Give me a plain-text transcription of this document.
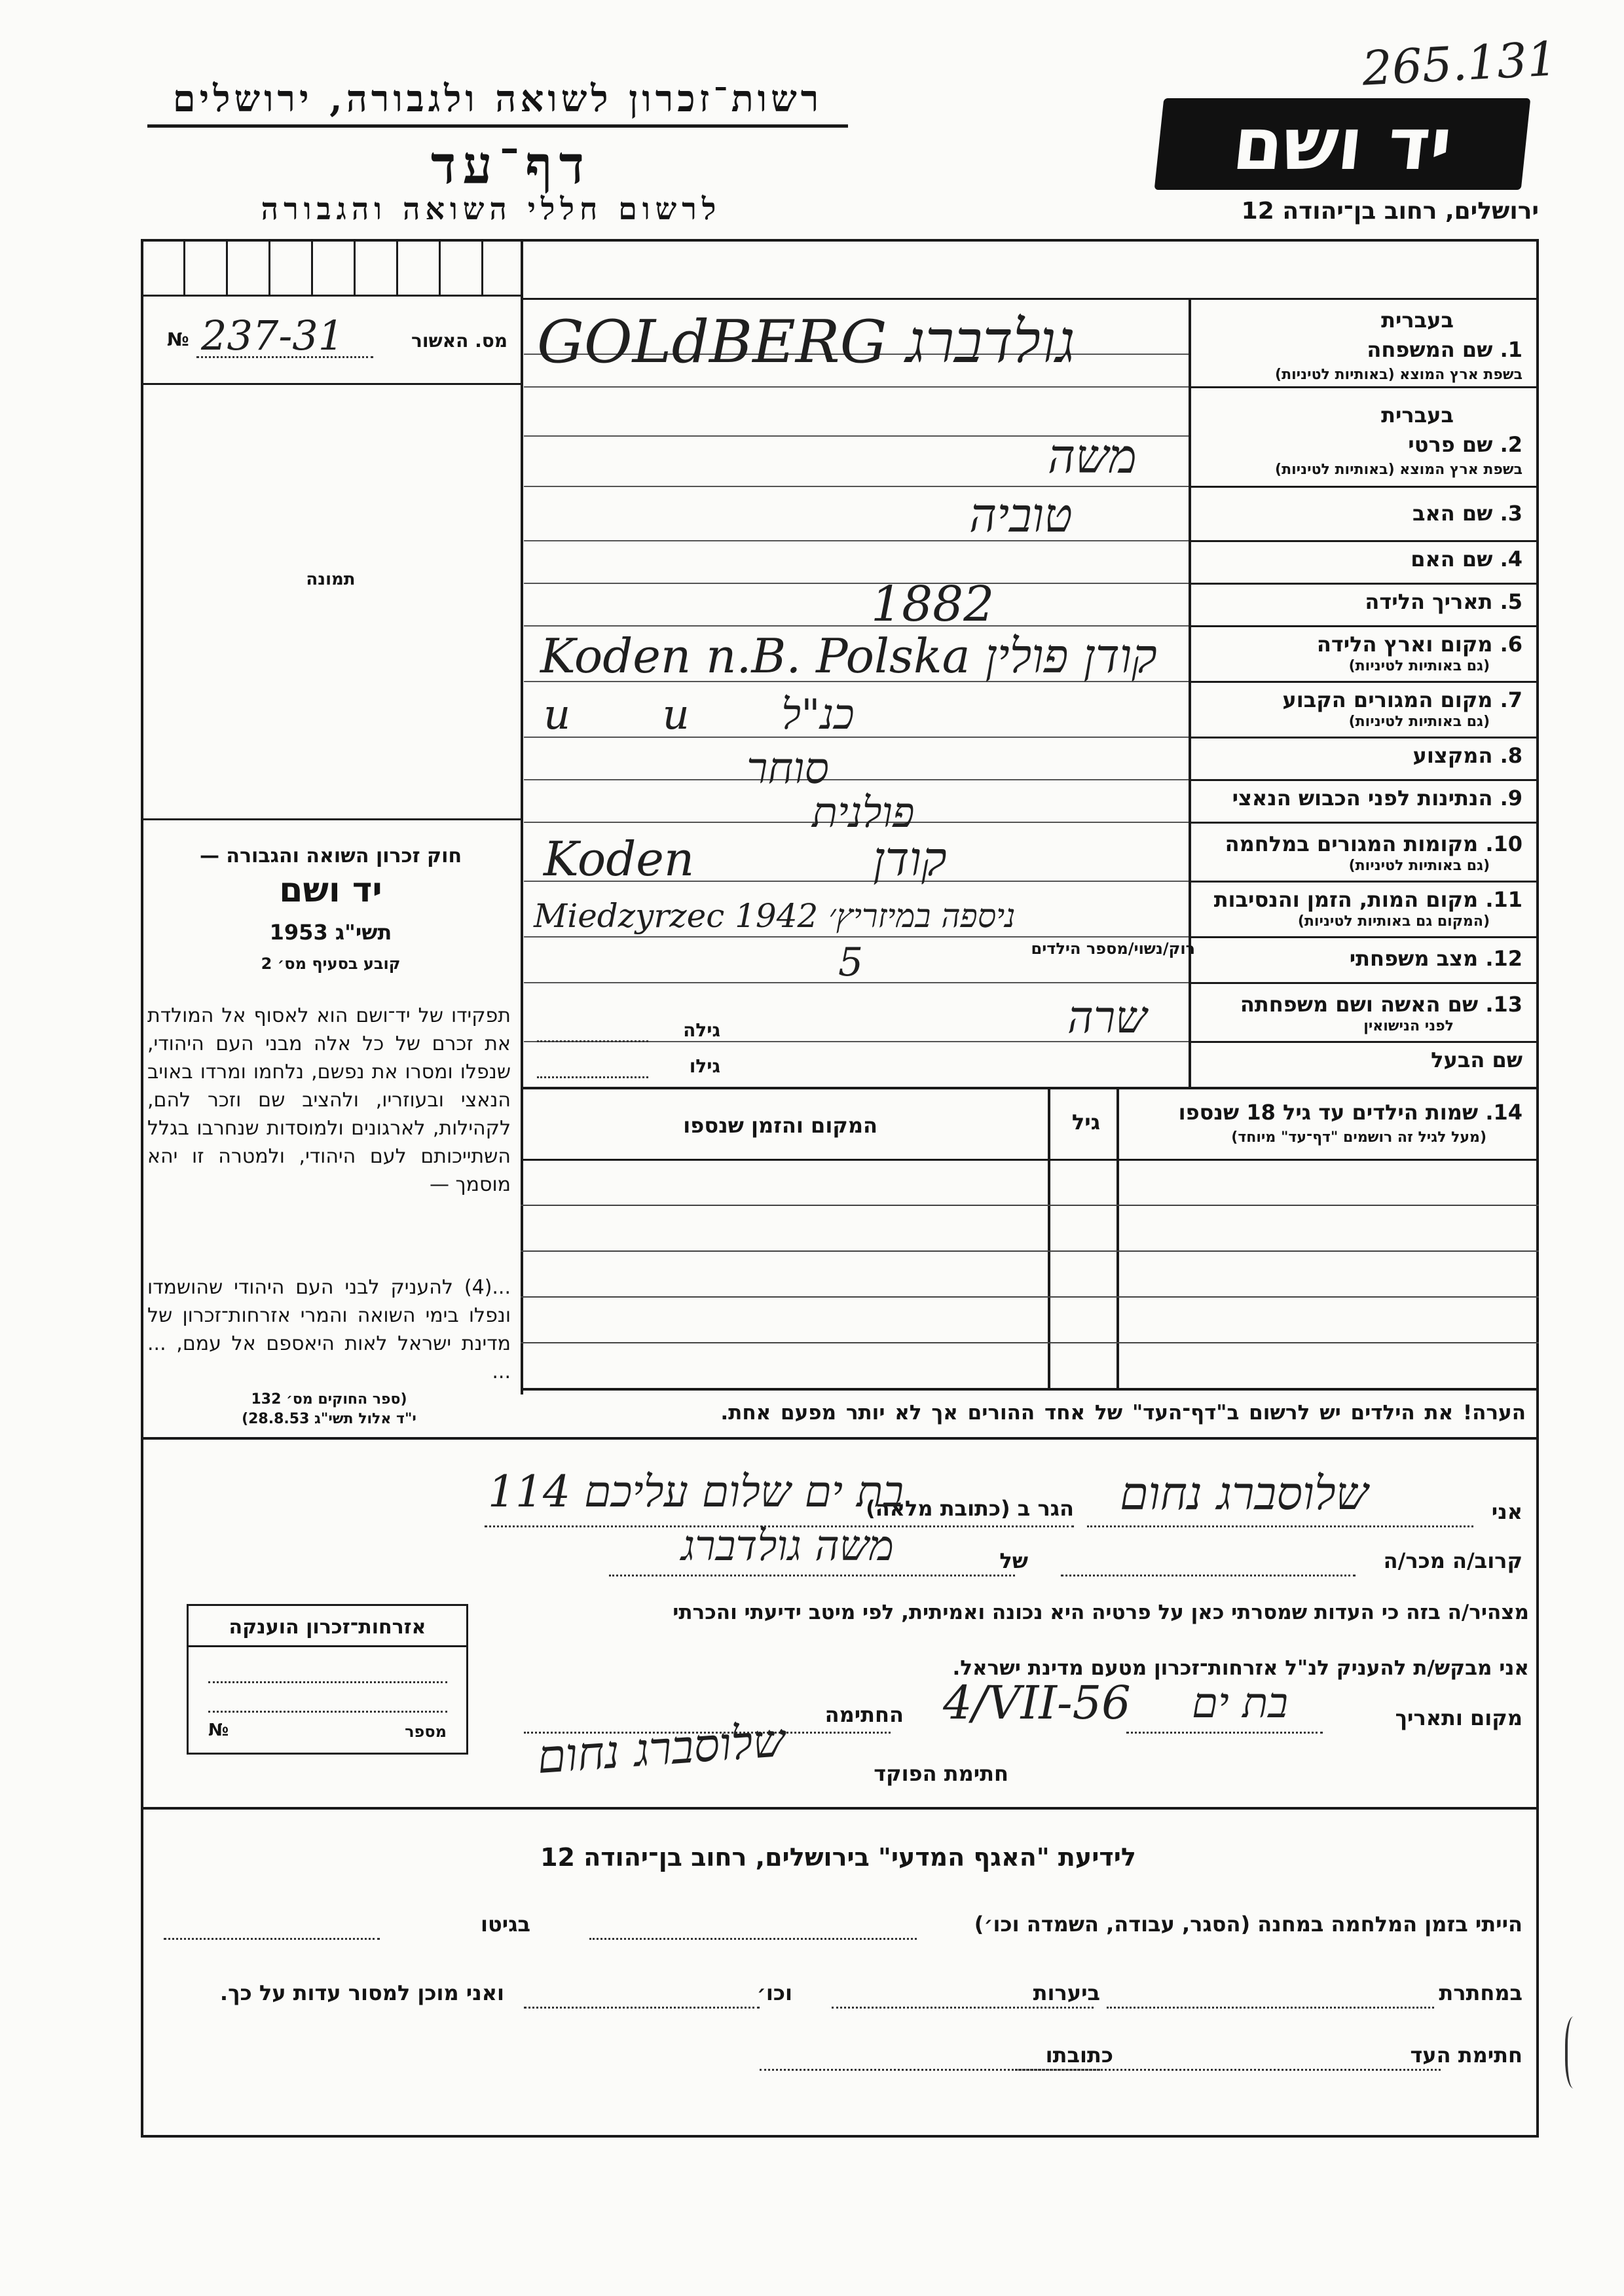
265.131
רשות־זכרון לשואה ולגבורה, ירושלים
דף־עד
לרשום חללי השואה והגבורה
יד ושם
ירושלים, רחוב בן־יהודה 12
№ 237-31	מס. האשור
תמונה
חוק זכרון השואה והגבורה —
יד ושם
תשי"ג 1953
קובע בסעיף מס׳ 2
תפקידו של יד־ושם הוא לאסוף אל המולדת את זכרם של כל אלה מבני העם היהודי, שנפלו ומסרו את נפשם, נלחמו ומרדו באויב הנאצי ובעוזריו, ולהציב שם וזכר להם, לקהילות, לארגונים ולמוסדות שנחרבו בגלל השתייכותם לעם היהודי, ולמטרה זו יהא מוסמך —
...(4) להעניק לבני העם היהודי שהושמדו ונפלו בימי השואה והמרי אזרחות־זכרון של מדינת ישראל לאות היאספם אל עמם, ... ...
(ספר החוקים מס׳ 132
י"ד אלול תשי"ג 28.8.53)
בעברית
1. שם המשפחה
בשפת ארץ המוצא (באותיות לטיניות)
GOLdBERG גולדברג
בעברית
2. שם פרטי
בשפת ארץ המוצא (באותיות לטיניות)
משה
3. שם האב
טוביה
4. שם האם
5. תאריך הלידה
1882
6. מקום וארץ הלידה
(גם באותיות לטיניות)
Koden n.B. Polska קודן פולין
7. מקום המגורים הקבוע
(גם באותיות לטיניות)
u u כנ"ל
8. המקצוע
סוחר
9. הנתינות לפני הכבוש הנאצי
פולנית
10. מקומות המגורים במלחמה
(גם באותיות לטיניות)
Koden קודן
11. מקום המות, הזמן והנסיבות
(המקום גם באותיות לטיניות)
Miedzyrzec 1942 ניספה במיזריץ׳
12. מצב משפחתי
רוק/נשוי/מספר הילדים
5
13. שם האשה ושם משפחתה
לפני הנישואין
שרה
גילה
שם הבעל
גילו
14. שמות הילדים עד גיל 18 שנספו
(מעל לגיל זה רושמים "דף־עד" מיוחד)
גיל
המקום והזמן שנספו
הערה! את הילדים יש לרשום ב"דף־העד" של אחד ההורים אך לא יותר מפעם אחת.
אני
שלוסברג נחום
הגר ב (כתובת מלאה)
בת ים שלום עליכם 114
קרוב/ה מכר/ה
של
משה גולדברג
מצהיר/ה בזה כי העדות שמסרתי כאן על פרטיה היא נכונה ואמיתית, לפי מיטב ידיעתי והכרתי
אני מבקש/ת להעניק לנ"ל אזרחות־זכרון מטעם מדינת ישראל.
מקום ותאריך
בת ים
4/VII-56
החתימה
שלוסברג נחום	חתימת הפוקד
אזרחות־זכרון הוענקה
№	מספר
לידיעת "האגף המדעי" בירושלים, רחוב בן־יהודה 12
הייתי בזמן המלחמה במחנה (הסגר, עבודה, השמדה וכו׳)
בגיטו
במחתרת
ביערות
וכו׳
ואני מוכן למסור עדות על כך.
חתימת העד
כתובתו
